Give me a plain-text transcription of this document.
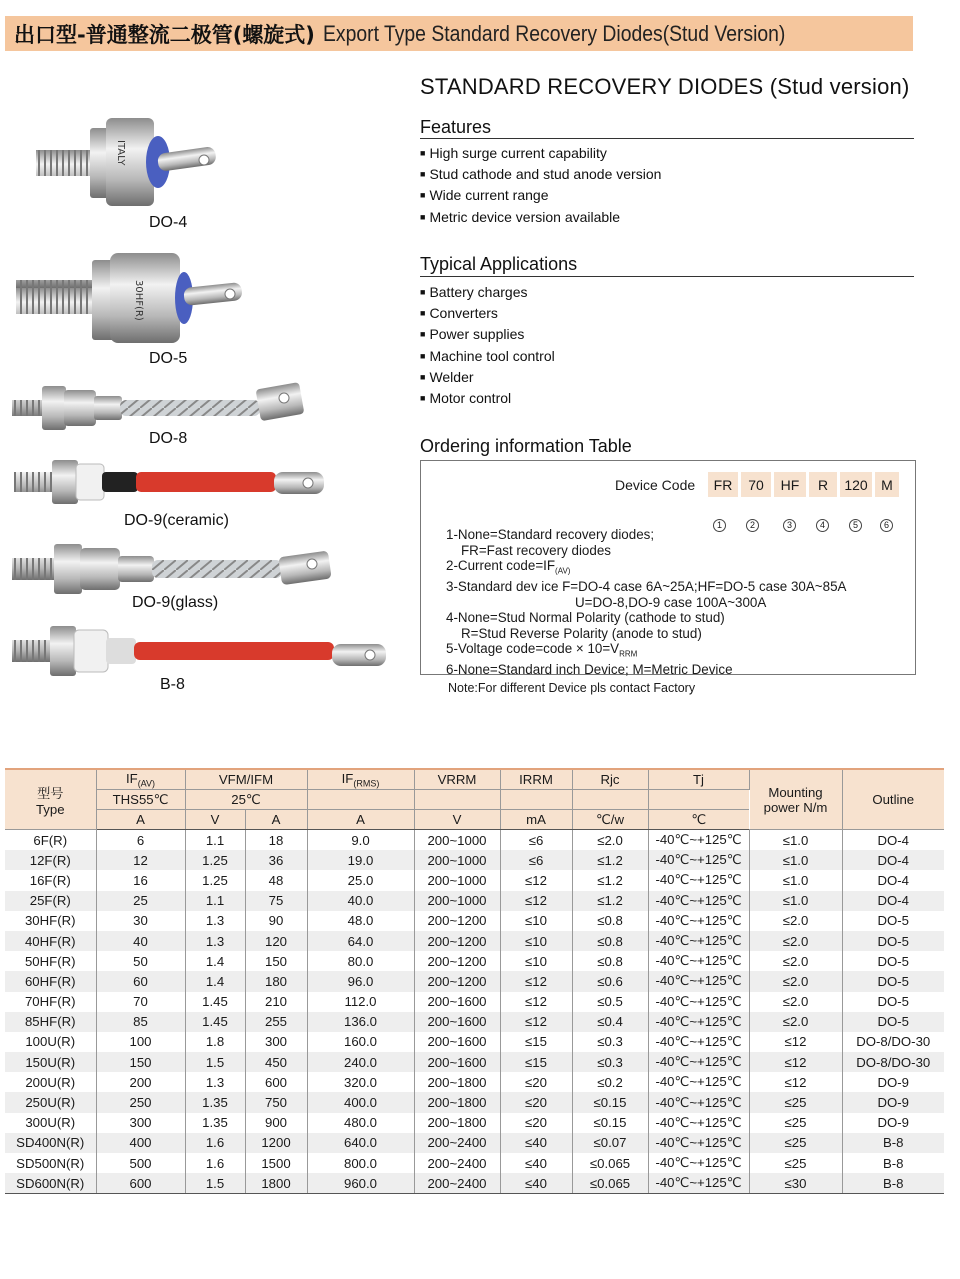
出口型-普通整流二极管(螺旋式) Export Type Standard Recovery Diodes(Stud Version)
ITALY
DO-4
30HF(R)
DO-5
DO-8
DO-9(ceramic)
DO-9(glass)
B-8
STANDARD RECOVERY DIODES (Stud version)
Features
■ High surge current capability
■ Stud cathode and stud anode version
■ Wide current range
■ Metric device version available
Typical Applications
■ Battery charges
■ Converters
■ Power supplies
■ Machine tool control
■ Welder
■ Motor control
Ordering information Table
Device Code	FR	70	HF	R	120 M
1	2	3	4	5	6
1-None=Standard recovery diodes;
FR=Fast recovery diodes
2-Current $code=IF_{(AV)}$
3-Standard dev ice F=DO-4 case 6A~25A;HF=DO-5 case 30A~85A
U=DO-8,DO-9 case 100A~300A
4-None=Stud Normal Polarity (cathode to stud)
R=Stud Reverse Polarity (anode to stud)
5-Voltage code=code × $10=V_{RRM}$
6-None=Standard inch Device; M=Metric Device
Note:For different Device pls contact Factory
型号
Type	$IF_{(AV)}$	VFM/IFM		$IF_{(RMS)}$	VRRM	IRRM	Rjc	Tj	Mounting power N/m	Outline
	THS55℃	25℃								
	A	V	A	A	V	mA	℃/w	℃		
6F(R)	6	1.1	18	9.0	200~1000	≤6	≤2.0	-40℃~+125℃	≤1.0	DO-4
12F(R)	12	1.25	36	19.0	200~1000	≤6	≤1.2	-40℃~+125℃	≤1.0	DO-4
16F(R)	16	1.25	48	25.0	200~1000	≤12	≤1.2	-40℃~+125℃	≤1.0	DO-4
25F(R)	25	1.1	75	40.0	200~1000	≤12	≤1.2	-40℃~+125℃	≤1.0	DO-4
30HF(R)	30	1.3	90	48.0	200~1200	≤10	≤0.8	-40℃~+125℃	≤2.0	DO-5
40HF(R)	40	1.3	120	64.0	200~1200	≤10	≤0.8	-40℃~+125℃	≤2.0	DO-5
50HF(R)	50	1.4	150	80.0	200~1200	≤10	≤0.8	-40℃~+125℃	≤2.0	DO-5
60HF(R)	60	1.4	180	96.0	200~1200	≤12	≤0.6	-40℃~+125℃	≤2.0	DO-5
70HF(R)	70	1.45	210	112.0	200~1600	≤12	≤0.5	-40℃~+125℃	≤2.0	DO-5
85HF(R)	85	1.45	255	136.0	200~1600	≤12	≤0.4	-40℃~+125℃	≤2.0	DO-5
100U(R)	100	1.8	300	160.0	200~1600	≤15	≤0.3	-40℃~+125℃	≤12	DO-8/DO-30
150U(R)	150	1.5	450	240.0	200~1600	≤15	≤0.3	-40℃~+125℃	≤12	DO-8/DO-30
200U(R)	200	1.3	600	320.0	200~1800	≤20	≤0.2	-40℃~+125℃	≤12	DO-9
250U(R)	250	1.35	750	400.0	200~1800	≤20	≤0.15	-40℃~+125℃	≤25	DO-9
300U(R)	300	1.35	900	480.0	200~1800	≤20	≤0.15	-40℃~+125℃	≤25	DO-9
SD400N(R)	400	1.6	1200	640.0	200~2400	≤40	≤0.07	-40℃~+125℃	≤25	B-8
SD500N(R)	500	1.6	1500	800.0	200~2400	≤40	≤0.065	-40℃~+125℃	≤25	B-8
SD600N(R)	600	1.5	1800	960.0	200~2400	≤40	≤0.065	-40℃~+125℃	≤30	B-8
